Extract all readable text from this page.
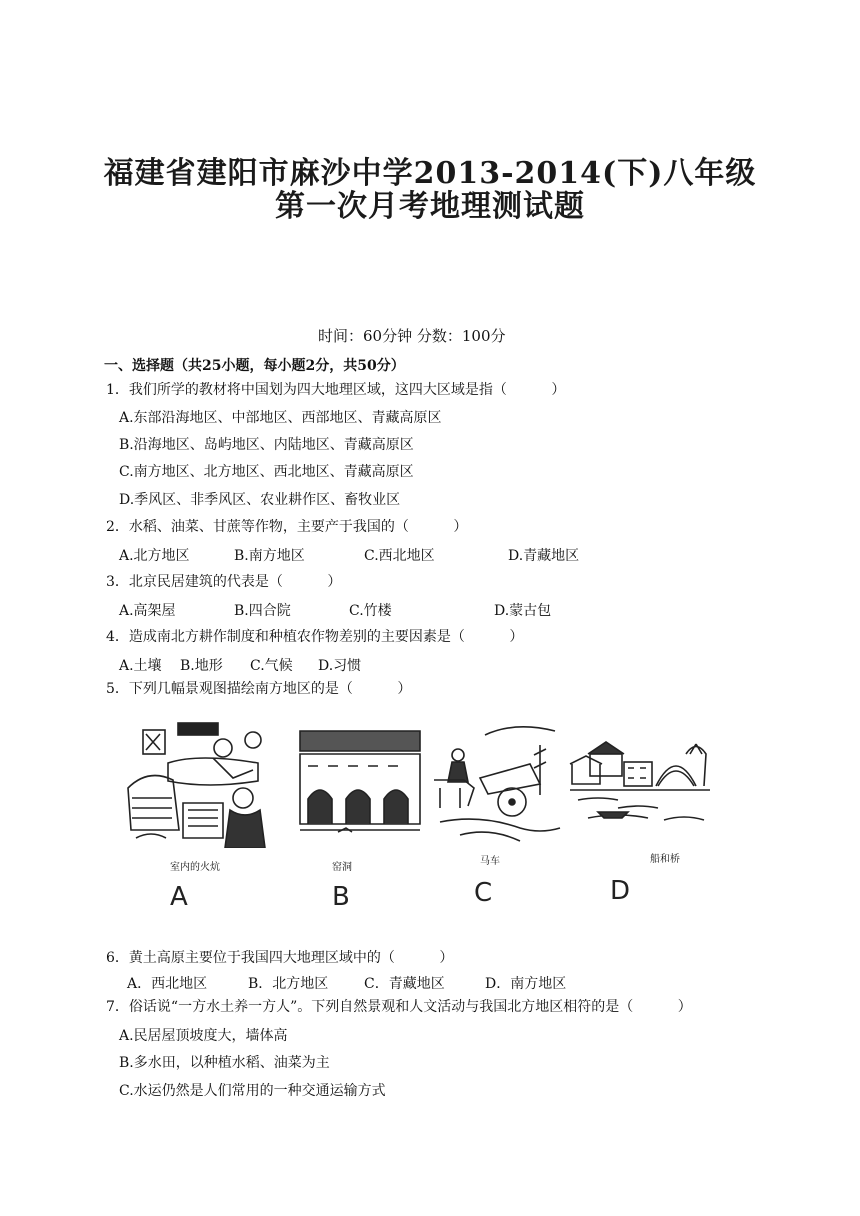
福建省建阳市麻沙中学2013-2014(下)八年级
第一次月考地理测试题
时间：60分钟 分数：100分
一、选择题（共25小题，每小题2分，共50分）
1．我们所学的教材将中国划为四大地理区域，这四大区域是指（          ）
A.东部沿海地区、中部地区、西部地区、青藏高原区
B.沿海地区、岛屿地区、内陆地区、青藏高原区
C.南方地区、北方地区、西北地区、青藏高原区
D.季风区、非季风区、农业耕作区、畜牧业区
2．水稻、油菜、甘蔗等作物，主要产于我国的（          ）
A.北方地区	B.南方地区	C.西北地区	D.青藏地区
3．北京民居建筑的代表是（          ）
A.高架屋	B.四合院	C.竹楼	D.蒙古包
4．造成南北方耕作制度和种植农作物差别的主要因素是（          ）
A.土壤 B.地形 C.气候 D.习惯
5．下列几幅景观图描绘南方地区的是（          ）
室内的火炕
A
窑洞
B
马车
C
船和桥
D
6．黄土高原主要位于我国四大地理区域中的（          ）
A．西北地区	B．北方地区	C．青藏地区	D．南方地区
7．俗话说“一方水土养一方人”。下列自然景观和人文活动与我国北方地区相符的是（          ）
A.民居屋顶坡度大，墙体高
B.多水田，以种植水稻、油菜为主
C.水运仍然是人们常用的一种交通运输方式
